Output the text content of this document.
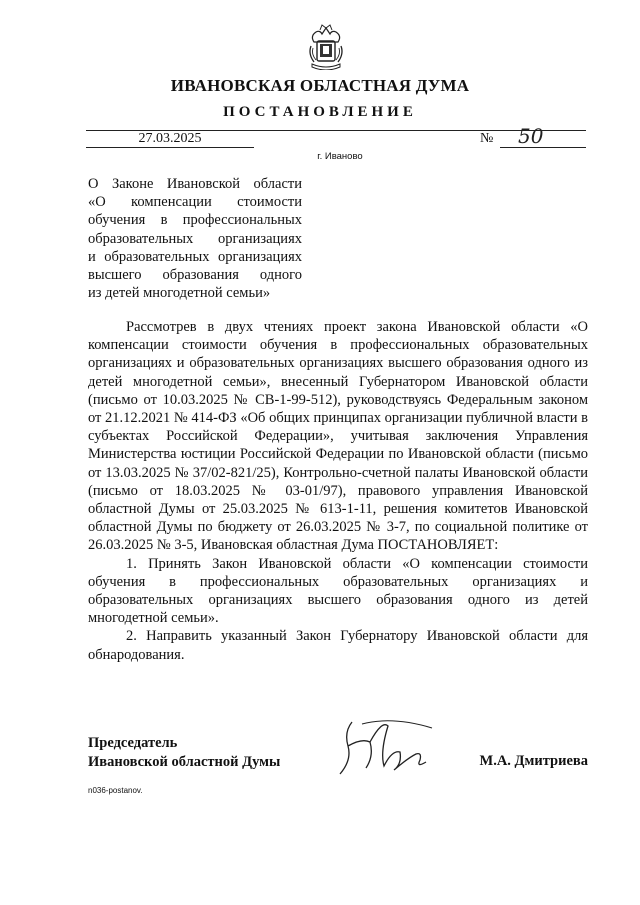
ИВАНОВСКАЯ ОБЛАСТНАЯ ДУМА
ПОСТАНОВЛЕНИЕ
27.03.2025	№	50
г. Иваново
О Законе Ивановской области
«О компенсации стоимости
обучения в профессиональных
образовательных организациях
и образовательных организациях
высшего образования одного
из детей многодетной семьи»

Рассмотрев в двух чтениях проект закона Ивановской области «О компенсации стоимости обучения в профессиональных образовательных организациях и образовательных организациях высшего образования одного из детей многодетной семьи», внесенный Губернатором Ивановской области (письмо от 10.03.2025 № СВ-1-99-512), руководствуясь Федеральным законом от 21.12.2021 № 414-ФЗ «Об общих принципах организации публичной власти в субъектах Российской Федерации», учитывая заключения Управления Министерства юстиции Российской Федерации по Ивановской области (письмо от 13.03.2025 № 37/02-821/25), Контрольно-счетной палаты Ивановской области (письмо от 18.03.2025 № 03-01/97), правового управления Ивановской областной Думы от 25.03.2025 № 613-1-11, решения комитетов Ивановской областной Думы по бюджету от 26.03.2025 № 3-7, по социальной политике от 26.03.2025 № 3-5, Ивановская областная Дума ПОСТАНОВЛЯЕТ:

1. Принять Закон Ивановской области «О компенсации стоимости обучения в профессиональных образовательных организациях и образовательных организациях высшего образования одного из детей многодетной семьи».

2. Направить указанный Закон Губернатору Ивановской области для обнародования.

Председатель
Ивановской областной Думы	М.А. Дмитриева
n036-postanov.
